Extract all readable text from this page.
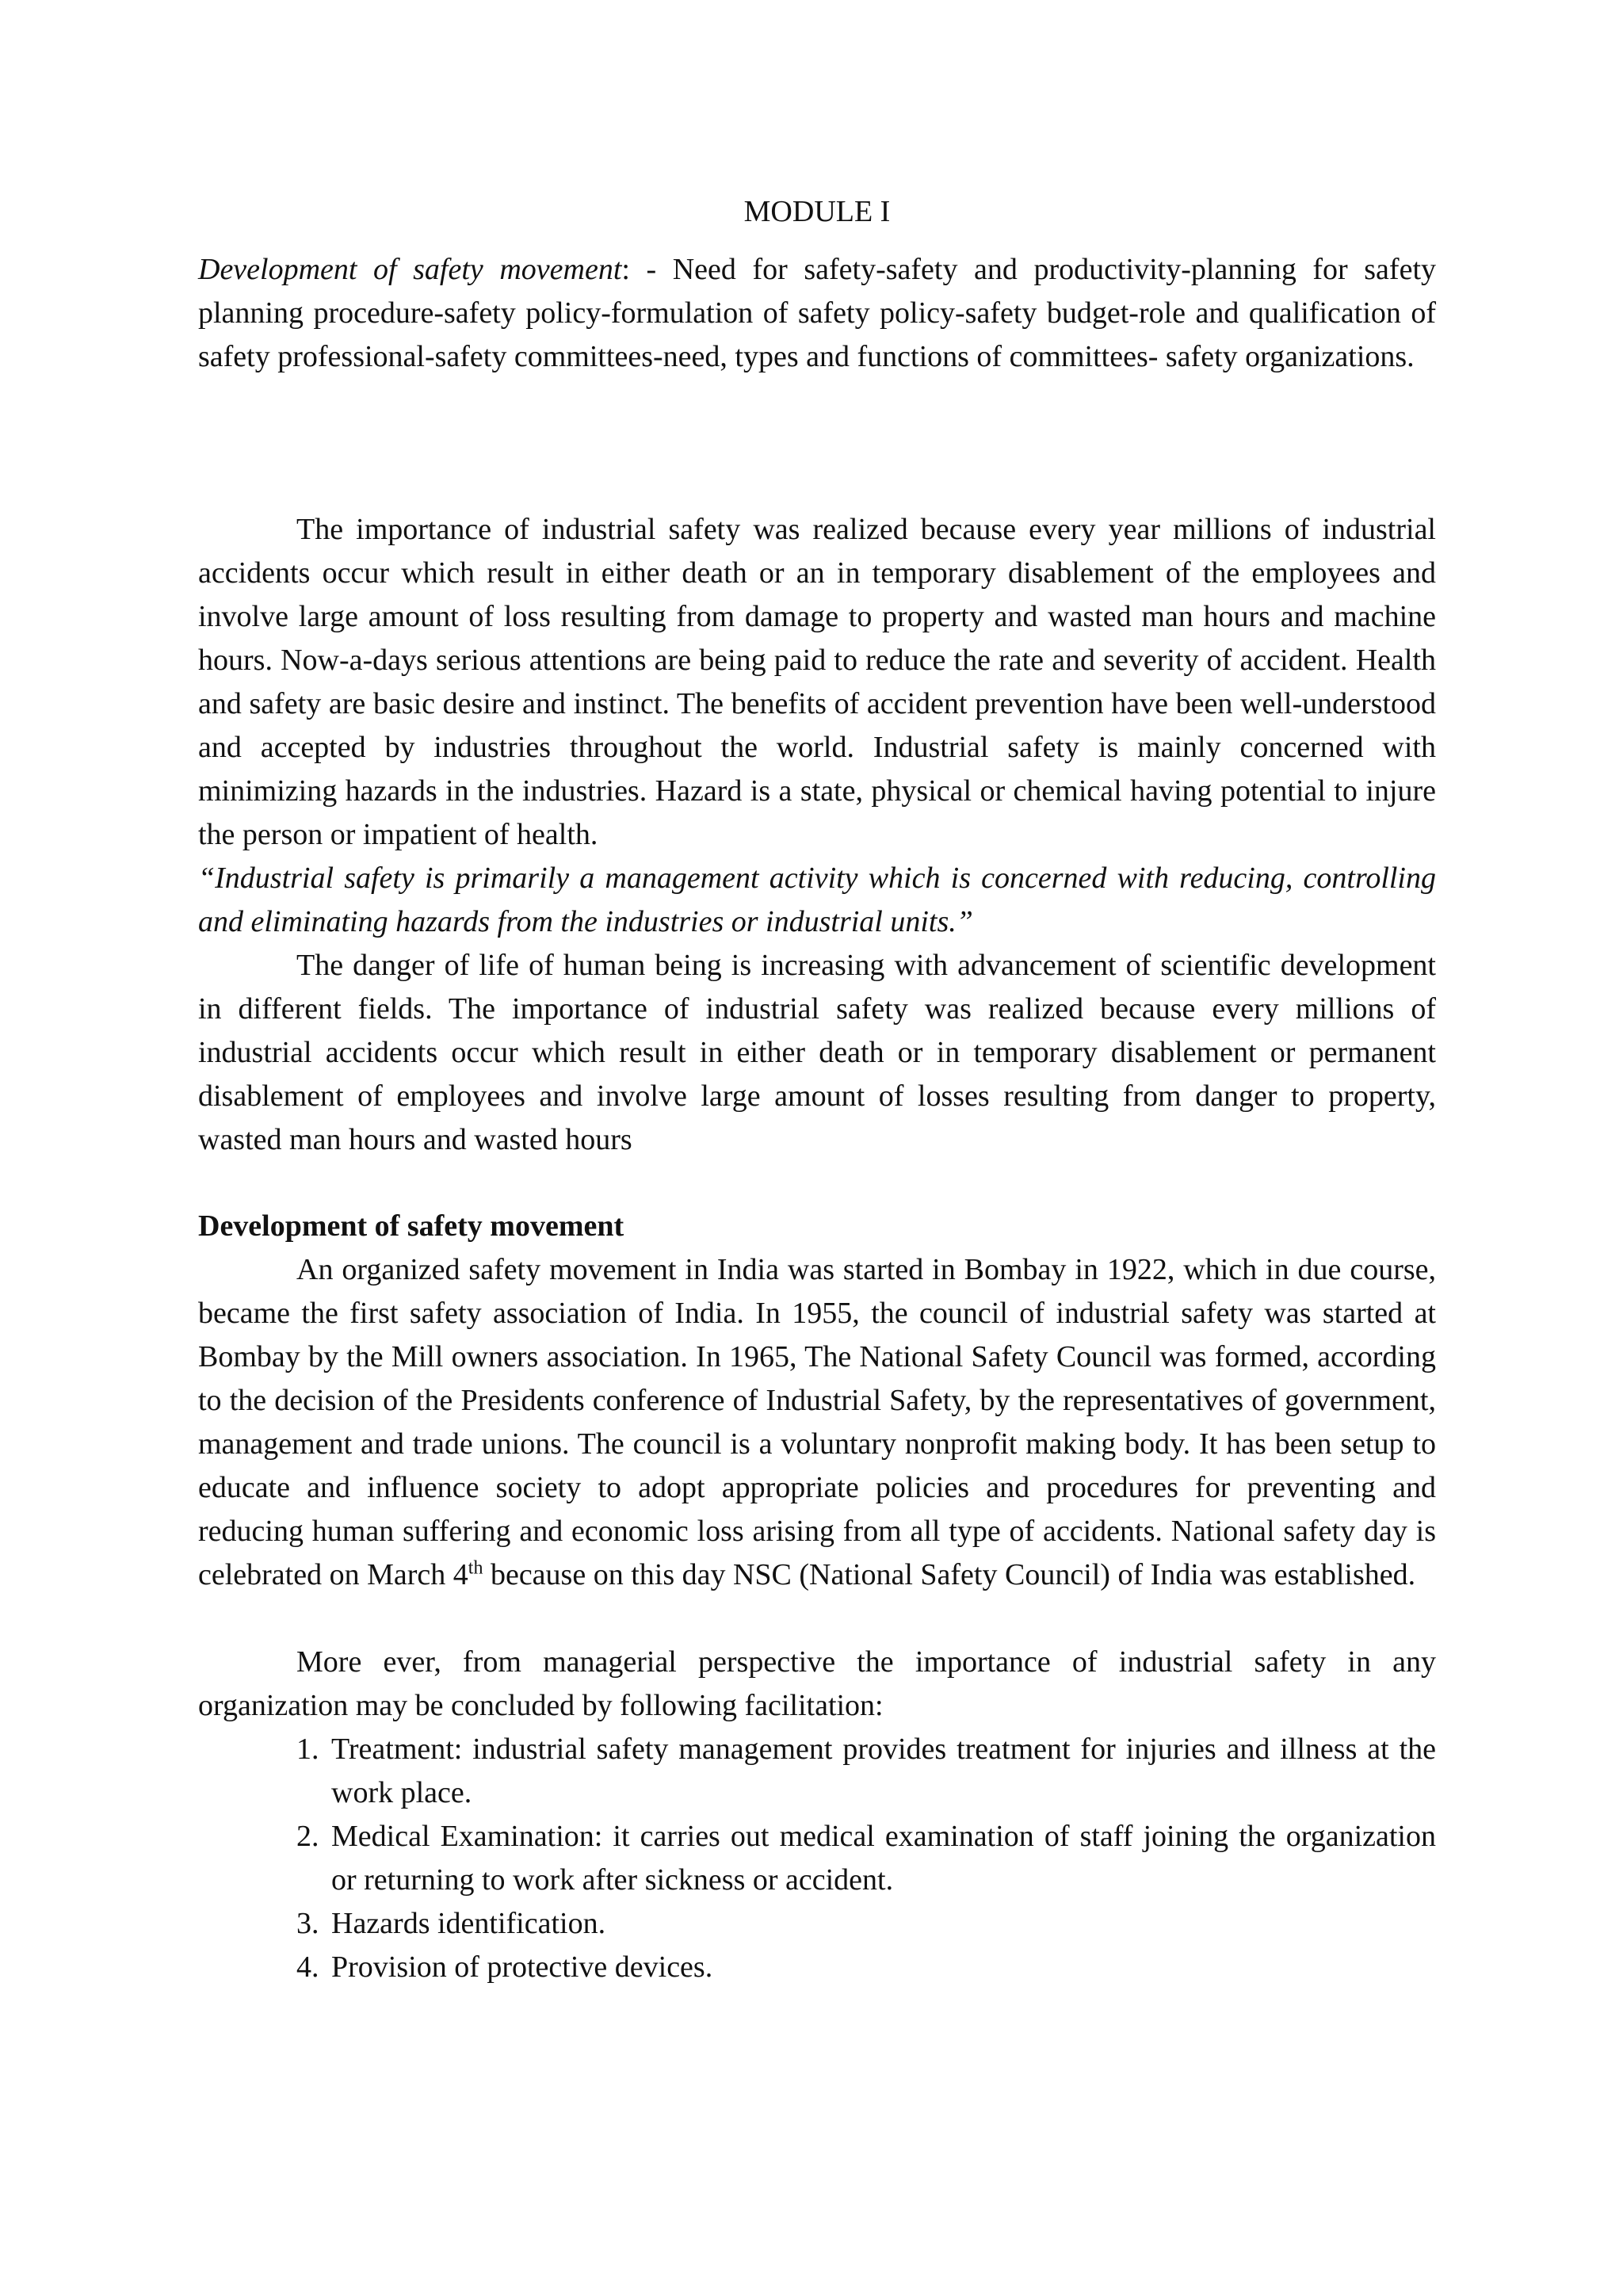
MODULE I

Development of safety movement: - Need for safety-safety and productivity-planning for safety planning procedure-safety policy-formulation of safety policy-safety budget-role and qualification of safety professional-safety committees-need, types and functions of committees- safety organizations.

The importance of industrial safety was realized because every year millions of industrial accidents occur which result in either death or an in temporary disablement of the employees and involve large amount of loss resulting from damage to property and wasted man hours and machine hours. Now-a-days serious attentions are being paid to reduce the rate and severity of accident. Health and safety are basic desire and instinct. The benefits of accident prevention have been well-understood and accepted by industries throughout the world. Industrial safety is mainly concerned with minimizing hazards in the industries. Hazard is a state, physical or chemical having potential to injure the person or impatient of health.

“Industrial safety is primarily a management activity which is concerned with reducing, controlling and eliminating hazards from the industries or industrial units.”

The danger of life of human being is increasing with advancement of scientific development in different fields. The importance of industrial safety was realized because every millions of industrial accidents occur which result in either death or in temporary disablement or permanent disablement of employees and involve large amount of losses resulting from danger to property, wasted man hours and wasted hours

Development of safety movement

An organized safety movement in India was started in Bombay in 1922, which in due course, became the first safety association of India. In 1955, the council of industrial safety was started at Bombay by the Mill owners association. In 1965, The National Safety Council was formed, according to the decision of the Presidents conference of Industrial Safety, by the representatives of government, management and trade unions. The council is a voluntary nonprofit making body. It has been setup to educate and influence society to adopt appropriate policies and procedures for preventing and reducing human suffering and economic loss arising from all type of accidents. National safety day is celebrated on March 4th because on this day NSC (National Safety Council) of India was established.

More ever, from managerial perspective the importance of industrial safety in any organization may be concluded by following facilitation:

1. Treatment: industrial safety management provides treatment for injuries and illness at the work place.
2. Medical Examination: it carries out medical examination of staff joining the organization or returning to work after sickness or accident.
3. Hazards identification.
4. Provision of protective devices.
